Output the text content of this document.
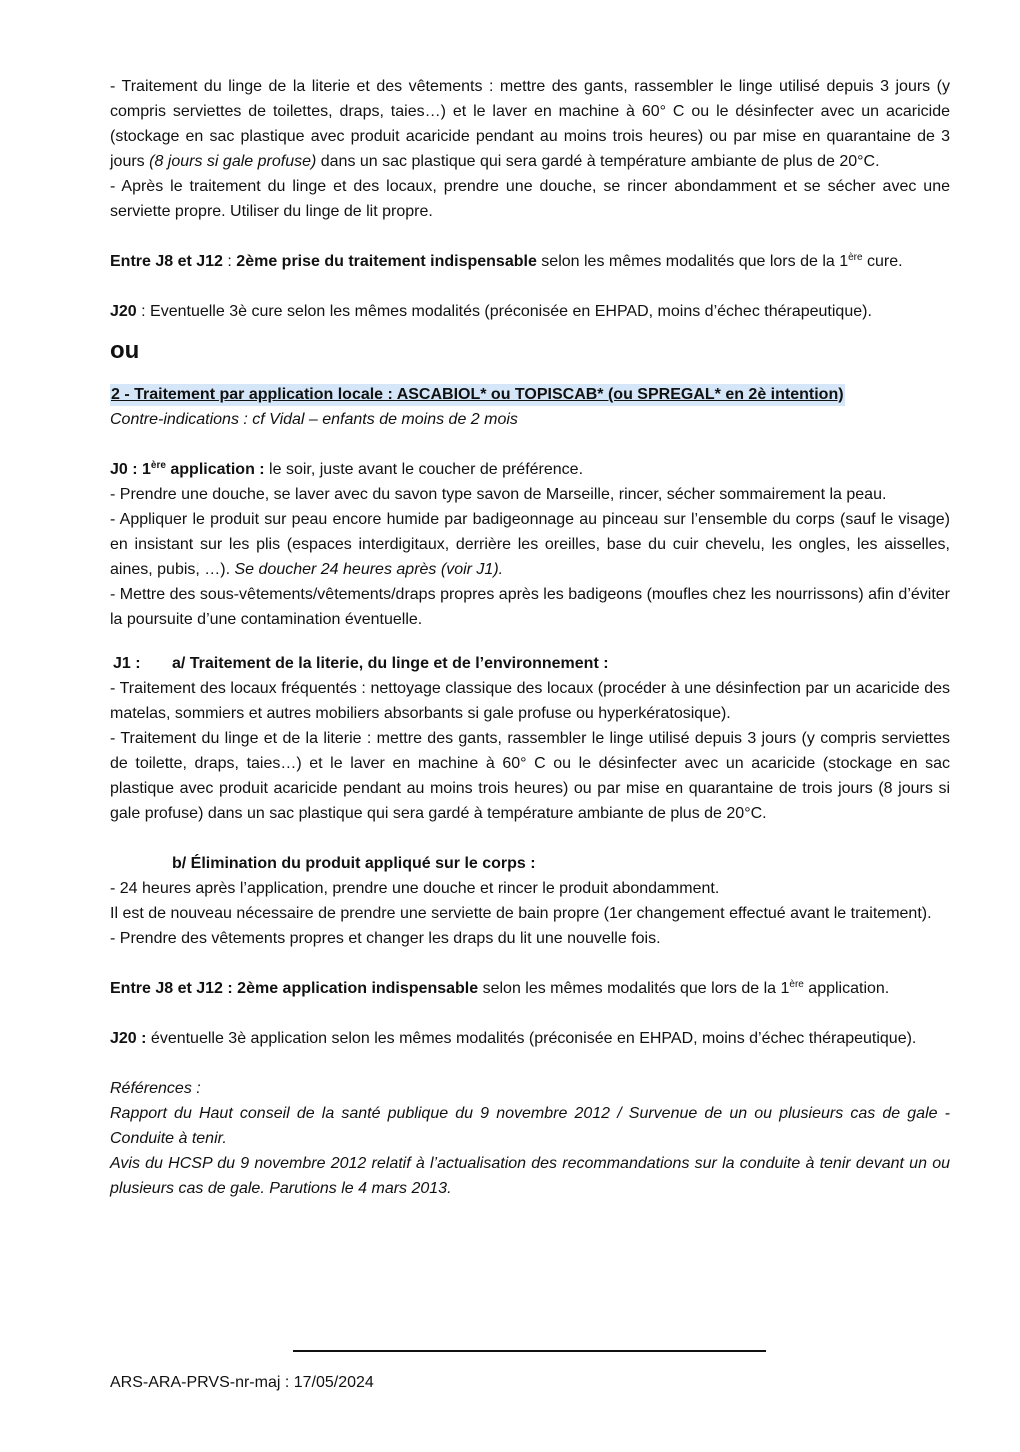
- Traitement du linge de la literie et des vêtements : mettre des gants, rassembler le linge utilisé depuis 3 jours (y compris serviettes de toilettes, draps, taies…) et le laver en machine à 60° C ou le désinfecter avec un acaricide (stockage en sac plastique avec produit acaricide pendant au moins trois heures) ou par mise en quarantaine de 3 jours (8 jours si gale profuse) dans un sac plastique qui sera gardé à température ambiante de plus de 20°C.

- Après le traitement du linge et des locaux, prendre une douche, se rincer abondamment et se sécher avec une serviette propre. Utiliser du linge de lit propre.

Entre J8 et J12 : 2ème prise du traitement indispensable selon les mêmes modalités que lors de la 1ère cure.

J20 : Eventuelle 3è cure selon les mêmes modalités (préconisée en EHPAD, moins d’échec thérapeutique).

ou

2 - Traitement par application locale : ASCABIOL* ou TOPISCAB* (ou SPREGAL* en 2è intention)

Contre-indications : cf Vidal – enfants de moins de 2 mois

J0 : 1ère application : le soir, juste avant le coucher de préférence.

- Prendre une douche, se laver avec du savon type savon de Marseille, rincer, sécher sommairement la peau.

- Appliquer le produit sur peau encore humide par badigeonnage au pinceau sur l’ensemble du corps (sauf le visage) en insistant sur les plis (espaces interdigitaux, derrière les oreilles, base du cuir chevelu, les ongles, les aisselles, aines, pubis, …). Se doucher 24 heures après (voir J1).

- Mettre des sous-vêtements/vêtements/draps propres après les badigeons (moufles chez les nourrissons) afin d’éviter la poursuite d’une contamination éventuelle.

J1 : a/ Traitement de la literie, du linge et de l’environnement :

- Traitement des locaux fréquentés : nettoyage classique des locaux (procéder à une désinfection par un acaricide des matelas, sommiers et autres mobiliers absorbants si gale profuse ou hyperkératosique).

- Traitement du linge et de la literie : mettre des gants, rassembler le linge utilisé depuis 3 jours (y compris serviettes de toilette, draps, taies…) et le laver en machine à 60° C ou le désinfecter avec un acaricide (stockage en sac plastique avec produit acaricide pendant au moins trois heures) ou par mise en quarantaine de trois jours (8 jours si gale profuse) dans un sac plastique qui sera gardé à température ambiante de plus de 20°C.

b/ Élimination du produit appliqué sur le corps :

- 24 heures après l’application, prendre une douche et rincer le produit abondamment.

Il est de nouveau nécessaire de prendre une serviette de bain propre (1er changement effectué avant le traitement).

- Prendre des vêtements propres et changer les draps du lit une nouvelle fois.

Entre J8 et J12 : 2ème application indispensable selon les mêmes modalités que lors de la 1ère application.

J20 : éventuelle 3è application selon les mêmes modalités (préconisée en EHPAD, moins d’échec thérapeutique).

Références :

Rapport du Haut conseil de la santé publique du 9 novembre 2012 / Survenue de un ou plusieurs cas de gale - Conduite à tenir.

Avis du HCSP du 9 novembre 2012 relatif à l’actualisation des recommandations sur la conduite à tenir devant un ou plusieurs cas de gale. Parutions le 4 mars 2013.

ARS-ARA-PRVS-nr-maj : 17/05/2024
